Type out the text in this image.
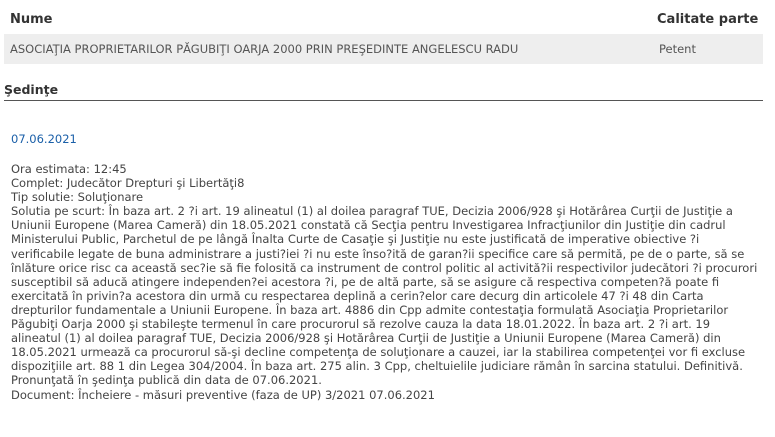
Nume	Calitate parte
ASOCIAŢIA PROPRIETARILOR PĂGUBIŢI OARJA 2000 PRIN PREŞEDINTE ANGELESCU RADU	Petent
Şedinţe
07.06.2021
Ora estimata: 12:45
Complet: Judecător Drepturi şi Libertăţi8
Tip solutie: Soluţionare
Solutia pe scurt: În baza art. 2 ?i art. 19 alineatul (1) al doilea paragraf TUE, Decizia 2006/928 şi Hotărârea Curţii de Justiţie a Uniunii Europene (Marea Cameră) din 18.05.2021 constată că Secţia pentru Investigarea Infracţiunilor din Justiţie din cadrul Ministerului Public, Parchetul de pe lângă Înalta Curte de Casaţie şi Justiţie nu este justificată de imperative obiective ?i verificabile legate de buna administrare a justi?iei ?i nu este înso?ită de garan?ii specifice care să permită, pe de o parte, să se înlăture orice risc ca această sec?ie să fie folosită ca instrument de control politic al activită?ii respectivilor judecători ?i procurori susceptibil să aducă atingere independen?ei acestora ?i, pe de altă parte, să se asigure că respectiva competen?ă poate fi exercitată în privin?a acestora din urmă cu respectarea deplină a cerin?elor care decurg din articolele 47 ?i 48 din Carta drepturilor fundamentale a Uniunii Europene. În baza art. 4886 din Cpp admite contestaţia formulată Asociaţia Proprietarilor Păgubiţi Oarja 2000 şi stabileşte termenul în care procurorul să rezolve cauza la data 18.01.2022. În baza art. 2 ?i art. 19 alineatul (1) al doilea paragraf TUE, Decizia 2006/928 şi Hotărârea Curţii de Justiţie a Uniunii Europene (Marea Cameră) din 18.05.2021 urmează ca procurorul să-şi decline competenţa de soluţionare a cauzei, iar la stabilirea competenţei vor fi excluse dispoziţiile art. 88 1 din Legea 304/2004. În baza art. 275 alin. 3 Cpp, cheltuielile judiciare rămân în sarcina statului. Definitivă. Pronunţată în şedinţa publică din data de 07.06.2021.
Document: Încheiere - măsuri preventive (faza de UP) 3/2021 07.06.2021
